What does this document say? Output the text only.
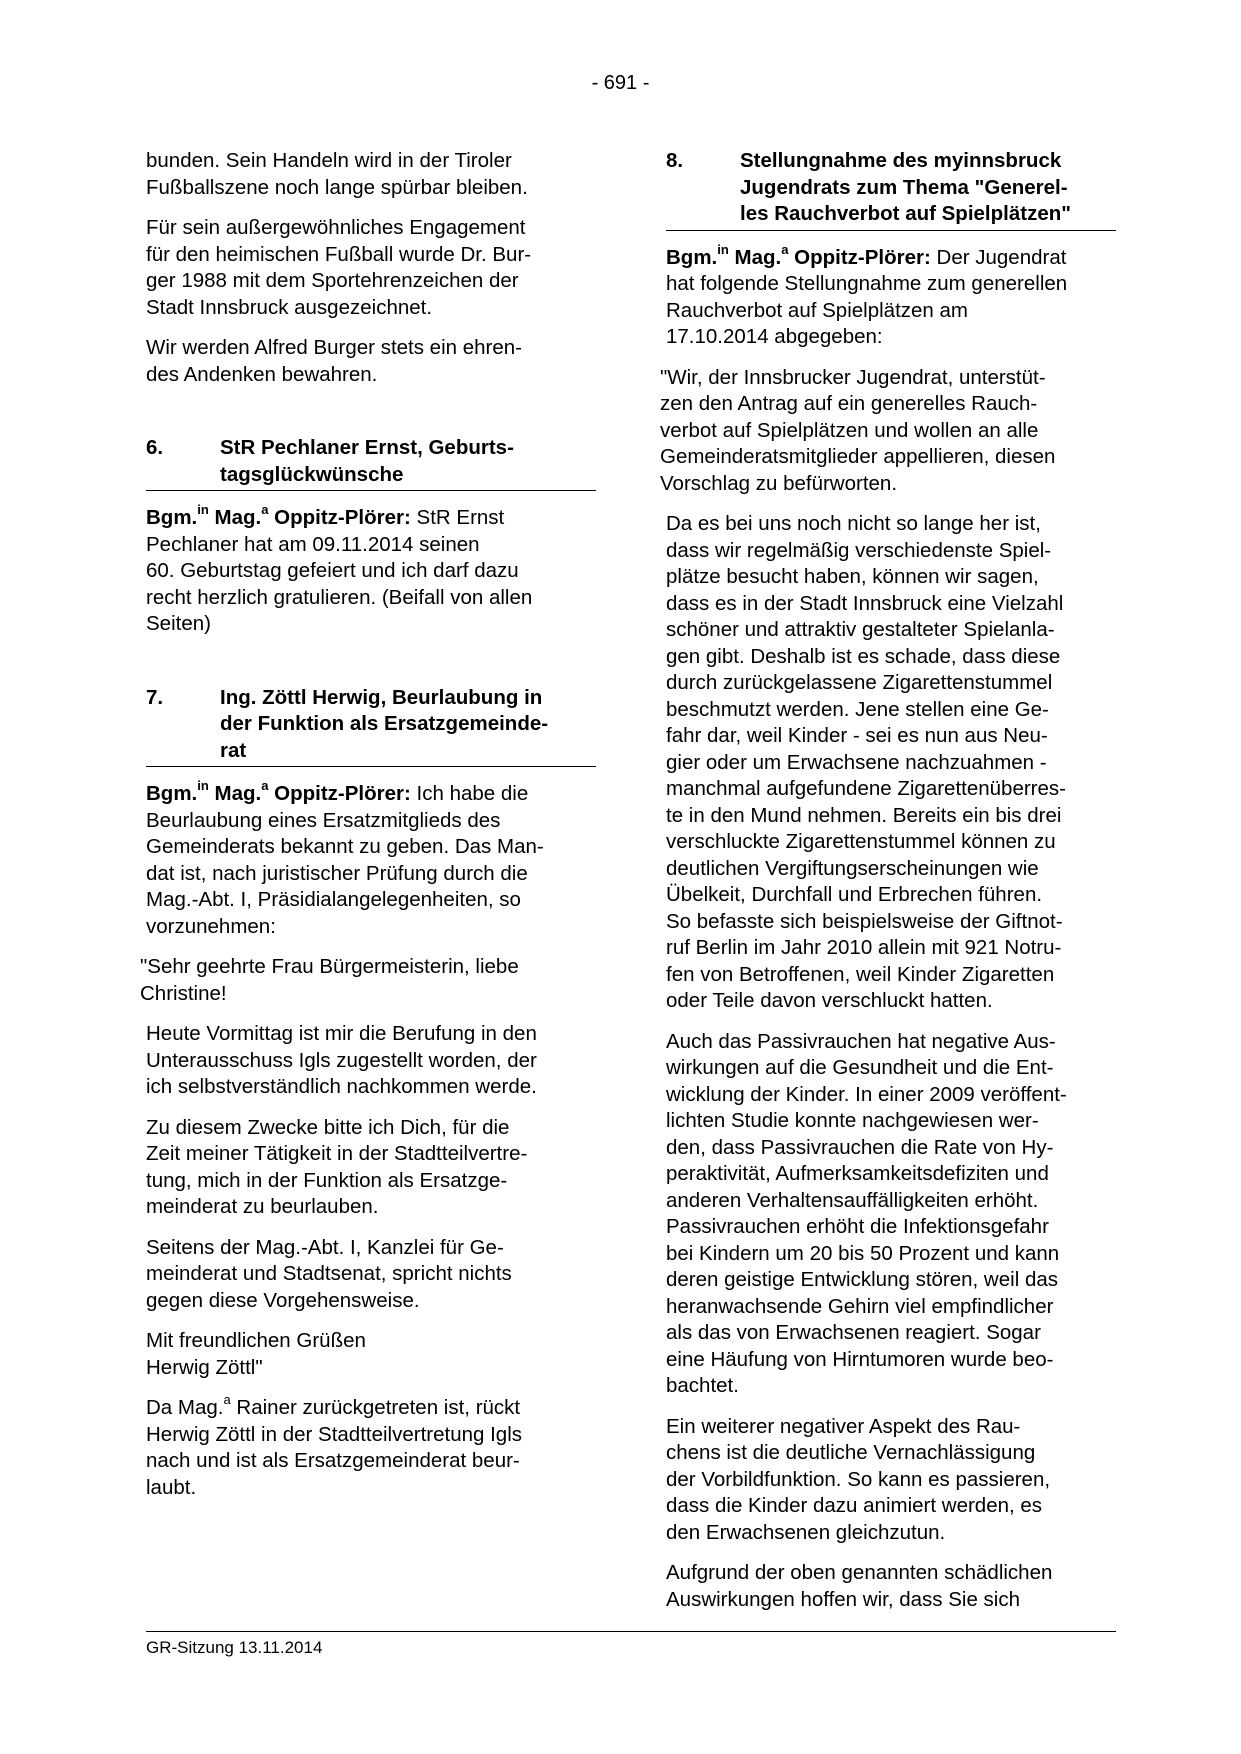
- 691 -

bunden. Sein Handeln wird in der Tiroler
Fußballszene noch lange spürbar bleiben.

Für sein außergewöhnliches Engagement
für den heimischen Fußball wurde Dr. Bur-
ger 1988 mit dem Sportehrenzeichen der
Stadt Innsbruck ausgezeichnet.

Wir werden Alfred Burger stets ein ehren-
des Andenken bewahren.

6.	StR Pechlaner Ernst, Geburts-
tagsglückwünsche

Bgm.$^{in}$ Mag.$^a$ Oppitz-Plörer: StR Ernst
Pechlaner hat am 09.11.2014 seinen
60. Geburtstag gefeiert und ich darf dazu
recht herzlich gratulieren. (Beifall von allen
Seiten)

7.	Ing. Zöttl Herwig, Beurlaubung in
der Funktion als Ersatzgemeinde-
rat

Bgm.$^{in}$ Mag.$^a$ Oppitz-Plörer: Ich habe die
Beurlaubung eines Ersatzmitglieds des
Gemeinderats bekannt zu geben. Das Man-
dat ist, nach juristischer Prüfung durch die
Mag.-Abt. I, Präsidialangelegenheiten, so
vorzunehmen:

"Sehr geehrte Frau Bürgermeisterin, liebe
Christine!

Heute Vormittag ist mir die Berufung in den
Unterausschuss Igls zugestellt worden, der
ich selbstverständlich nachkommen werde.

Zu diesem Zwecke bitte ich Dich, für die
Zeit meiner Tätigkeit in der Stadtteilvertre-
tung, mich in der Funktion als Ersatzge-
meinderat zu beurlauben.

Seitens der Mag.-Abt. I, Kanzlei für Ge-
meinderat und Stadtsenat, spricht nichts
gegen diese Vorgehensweise.

Mit freundlichen Grüßen
Herwig Zöttl"

Da Mag.$^a$ Rainer zurückgetreten ist, rückt
Herwig Zöttl in der Stadtteilvertretung Igls
nach und ist als Ersatzgemeinderat beur-
laubt.

8.	Stellungnahme des myinnsbruck
Jugendrats zum Thema "Generel-
les Rauchverbot auf Spielplätzen"

Bgm.$^{in}$ Mag.$^a$ Oppitz-Plörer: Der Jugendrat
hat folgende Stellungnahme zum generellen
Rauchverbot auf Spielplätzen am
17.10.2014 abgegeben:

"Wir, der Innsbrucker Jugendrat, unterstüt-
zen den Antrag auf ein generelles Rauch-
verbot auf Spielplätzen und wollen an alle
Gemeinderatsmitglieder appellieren, diesen
Vorschlag zu befürworten.

Da es bei uns noch nicht so lange her ist,
dass wir regelmäßig verschiedenste Spiel-
plätze besucht haben, können wir sagen,
dass es in der Stadt Innsbruck eine Vielzahl
schöner und attraktiv gestalteter Spielanla-
gen gibt. Deshalb ist es schade, dass diese
durch zurückgelassene Zigarettenstummel
beschmutzt werden. Jene stellen eine Ge-
fahr dar, weil Kinder - sei es nun aus Neu-
gier oder um Erwachsene nachzuahmen -
manchmal aufgefundene Zigarettenüberres-
te in den Mund nehmen. Bereits ein bis drei
verschluckte Zigarettenstummel können zu
deutlichen Vergiftungserscheinungen wie
Übelkeit, Durchfall und Erbrechen führen.
So befasste sich beispielsweise der Giftnot-
ruf Berlin im Jahr 2010 allein mit 921 Notru-
fen von Betroffenen, weil Kinder Zigaretten
oder Teile davon verschluckt hatten.

Auch das Passivrauchen hat negative Aus-
wirkungen auf die Gesundheit und die Ent-
wicklung der Kinder. In einer 2009 veröffent-
lichten Studie konnte nachgewiesen wer-
den, dass Passivrauchen die Rate von Hy-
peraktivität, Aufmerksamkeitsdefiziten und
anderen Verhaltensauffälligkeiten erhöht.
Passivrauchen erhöht die Infektionsgefahr
bei Kindern um 20 bis 50 Prozent und kann
deren geistige Entwicklung stören, weil das
heranwachsende Gehirn viel empfindlicher
als das von Erwachsenen reagiert. Sogar
eine Häufung von Hirntumoren wurde beo-
bachtet.

Ein weiterer negativer Aspekt des Rau-
chens ist die deutliche Vernachlässigung
der Vorbildfunktion. So kann es passieren,
dass die Kinder dazu animiert werden, es
den Erwachsenen gleichzutun.

Aufgrund der oben genannten schädlichen
Auswirkungen hoffen wir, dass Sie sich

GR-Sitzung 13.11.2014
